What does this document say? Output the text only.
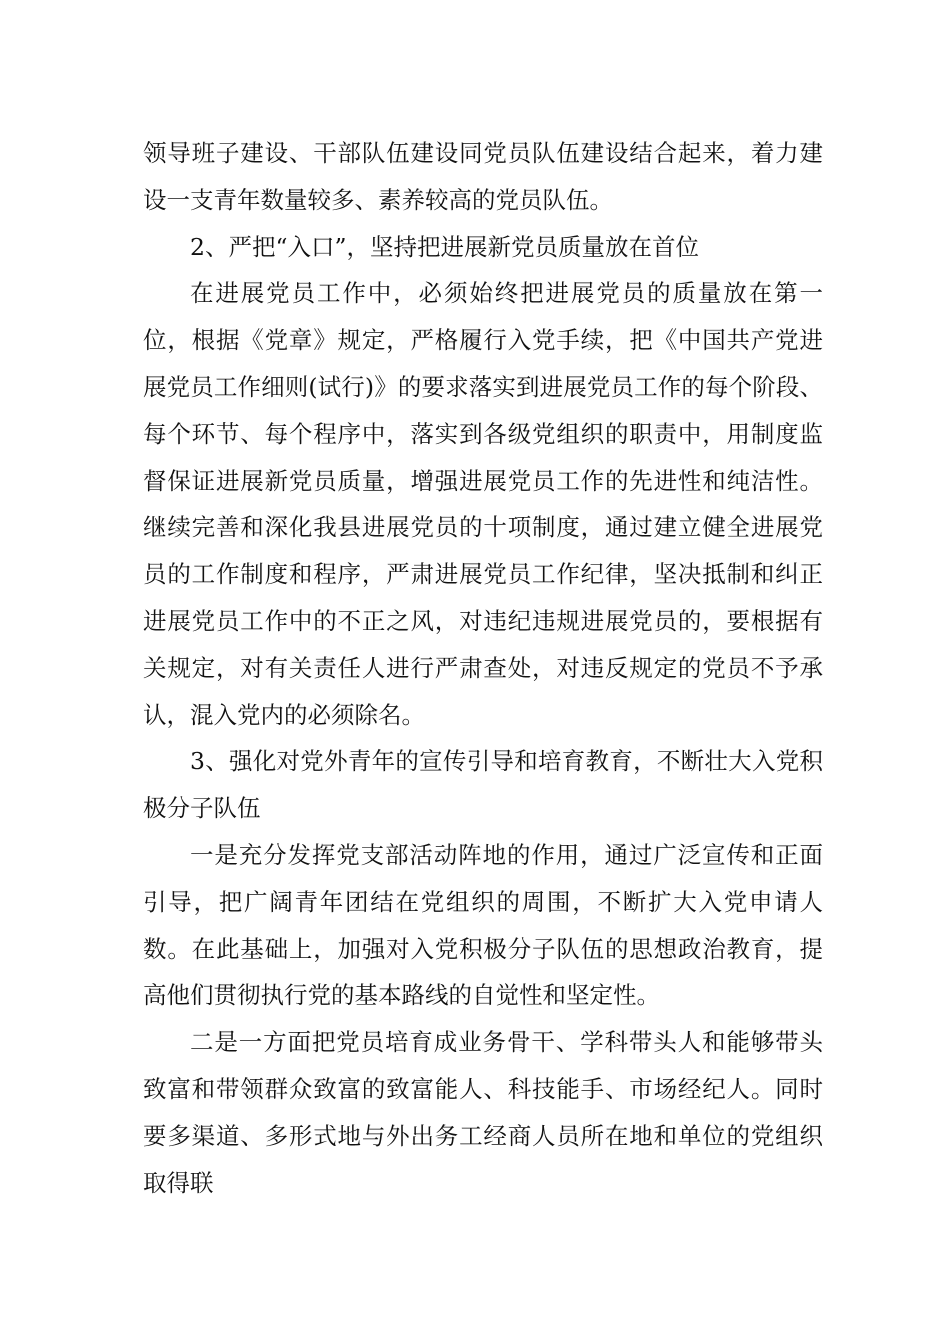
领导班子建设、干部队伍建设同党员队伍建设结合起来，着力建设一支青年数量较多、素养较高的党员队伍。

2、严把“入口”，坚持把进展新党员质量放在首位

在进展党员工作中，必须始终把进展党员的质量放在第一位，根据《党章》规定，严格履行入党手续，把《中国共产党进展党员工作细则(试行)》的要求落实到进展党员工作的每个阶段、每个环节、每个程序中，落实到各级党组织的职责中，用制度监督保证进展新党员质量，增强进展党员工作的先进性和纯洁性。继续完善和深化我县进展党员的十项制度，通过建立健全进展党员的工作制度和程序，严肃进展党员工作纪律，坚决抵制和纠正进展党员工作中的不正之风，对违纪违规进展党员的，要根据有关规定，对有关责任人进行严肃查处，对违反规定的党员不予承认，混入党内的必须除名。

3、强化对党外青年的宣传引导和培育教育，不断壮大入党积极分子队伍

一是充分发挥党支部活动阵地的作用，通过广泛宣传和正面引导，把广阔青年团结在党组织的周围，不断扩大入党申请人数。在此基础上，加强对入党积极分子队伍的思想政治教育，提高他们贯彻执行党的基本路线的自觉性和坚定性。

二是一方面把党员培育成业务骨干、学科带头人和能够带头致富和带领群众致富的致富能人、科技能手、市场经纪人。同时要多渠道、多形式地与外出务工经商人员所在地和单位的党组织取得联
